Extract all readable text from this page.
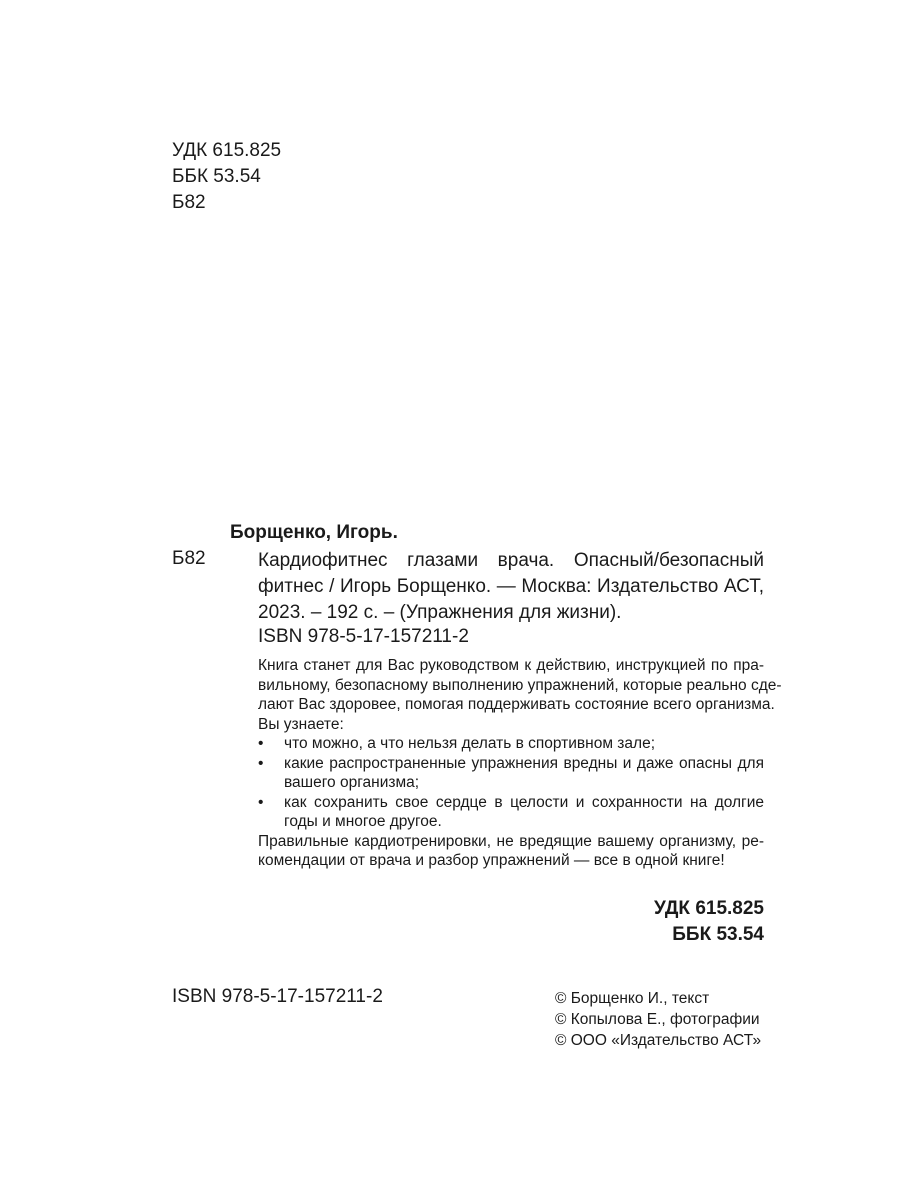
УДК 615.825
ББК 53.54
Б82
Борщенко, Игорь.
Б82	Кардиофитнес глазами врача. Опасный/безопасный
фитнес / Игорь Борщенко. — Москва: Издательство АСТ,
2023. – 192 с. – (Упражнения для жизни).
ISBN 978-5-17-157211-2
Книга станет для Вас руководством к действию, инструкцией по пра-
вильному, безопасному выполнению упражнений, которые реально сде-
лают Вас здоровее, помогая поддерживать состояние всего организма.
Вы узнаете:
•	что можно, а что нельзя делать в спортивном зале;
•	какие распространенные упражнения вредны и даже опасны для
вашего организма;
•	как сохранить свое сердце в целости и сохранности на долгие
годы и многое другое.
Правильные кардиотренировки, не вредящие вашему организму, ре-
комендации от врача и разбор упражнений — все в одной книге!
УДК 615.825
ББК 53.54
ISBN 978-5-17-157211-2	© Борщенко И., текст
© Копылова Е., фотографии
© ООО «Издательство АСТ»
